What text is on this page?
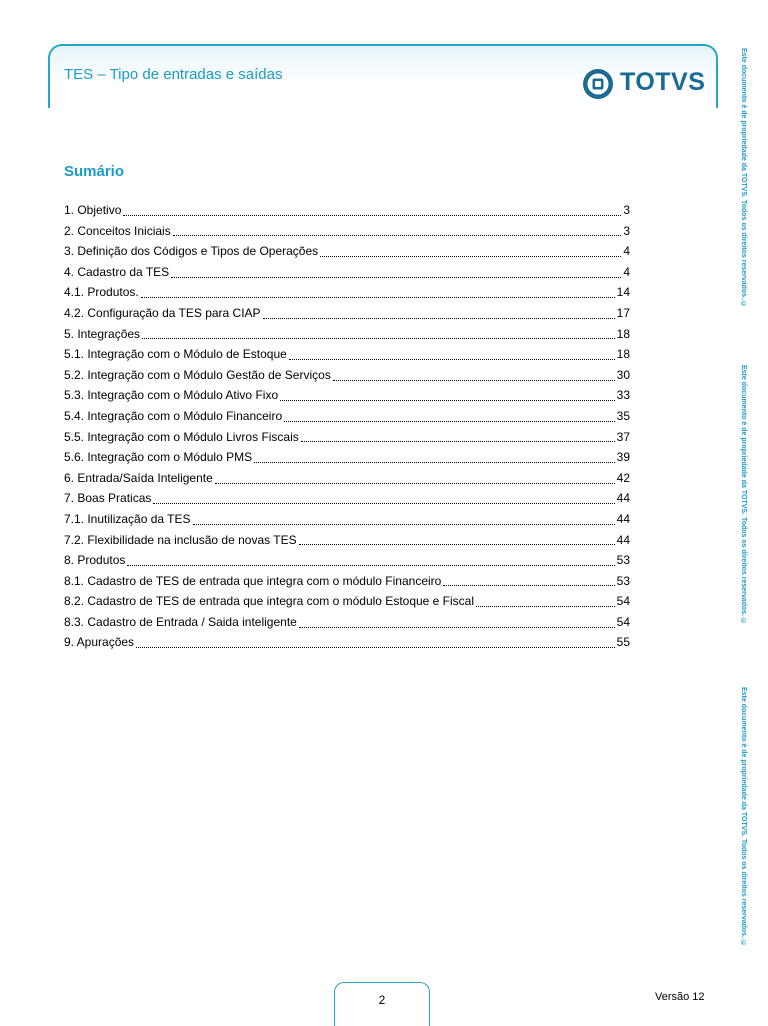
TES – Tipo de entradas e saídas	TOTVS
Sumário
1. Objetivo	3
2. Conceitos Iniciais	3
3. Definição dos Códigos e Tipos de Operações	4
4. Cadastro da TES	4
4.1. Produtos.	14
4.2. Configuração da TES para CIAP	17
5. Integrações	18
5.1. Integração com o Módulo de Estoque	18
5.2. Integração com o Módulo Gestão de Serviços	30
5.3. Integração com o Módulo Ativo Fixo	33
5.4. Integração com o Módulo Financeiro	35
5.5. Integração com o Módulo Livros Fiscais	37
5.6. Integração com o Módulo PMS	39
6. Entrada/Saída Inteligente	42
7. Boas Praticas	44
7.1. Inutilização da TES	44
7.2. Flexibilidade na inclusão de novas TES	44
8. Produtos	53
8.1. Cadastro de TES de entrada que integra com o módulo Financeiro	53
8.2. Cadastro de TES de entrada que integra com o módulo Estoque e Fiscal	54
8.3. Cadastro de Entrada / Saida inteligente	54
9. Apurações	55
Este documento é de propriedade da TOTVS. Todos os direitos reservados. ©
Este documento é de propriedade da TOTVS. Todos os direitos reservados. ©
Este documento é de propriedade da TOTVS. Todos os direitos reservados. ©
2	Versão 12
